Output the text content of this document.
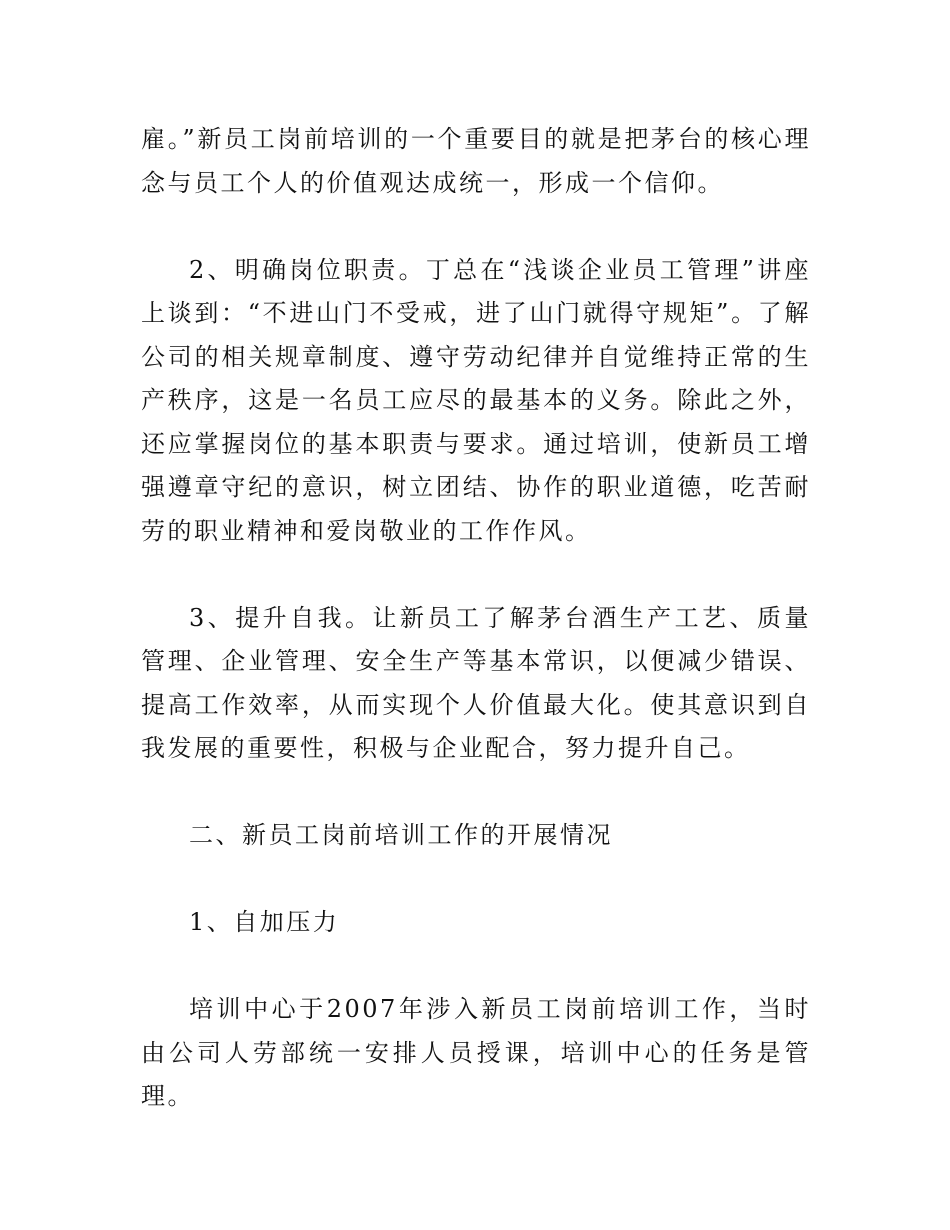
雇。”新员工岗前培训的一个重要目的就是把茅台的核心理念与员工个人的价值观达成统一，形成一个信仰。

2、明确岗位职责。丁总在“浅谈企业员工管理”讲座上谈到：“不进山门不受戒，进了山门就得守规矩”。了解公司的相关规章制度、遵守劳动纪律并自觉维持正常的生产秩序，这是一名员工应尽的最基本的义务。除此之外，还应掌握岗位的基本职责与要求。通过培训，使新员工增强遵章守纪的意识，树立团结、协作的职业道德，吃苦耐劳的职业精神和爱岗敬业的工作作风。

3、提升自我。让新员工了解茅台酒生产工艺、质量管理、企业管理、安全生产等基本常识，以便减少错误、提高工作效率，从而实现个人价值最大化。使其意识到自我发展的重要性，积极与企业配合，努力提升自己。

二、新员工岗前培训工作的开展情况

1、自加压力

培训中心于2007年涉入新员工岗前培训工作，当时由公司人劳部统一安排人员授课，培训中心的任务是管理。
